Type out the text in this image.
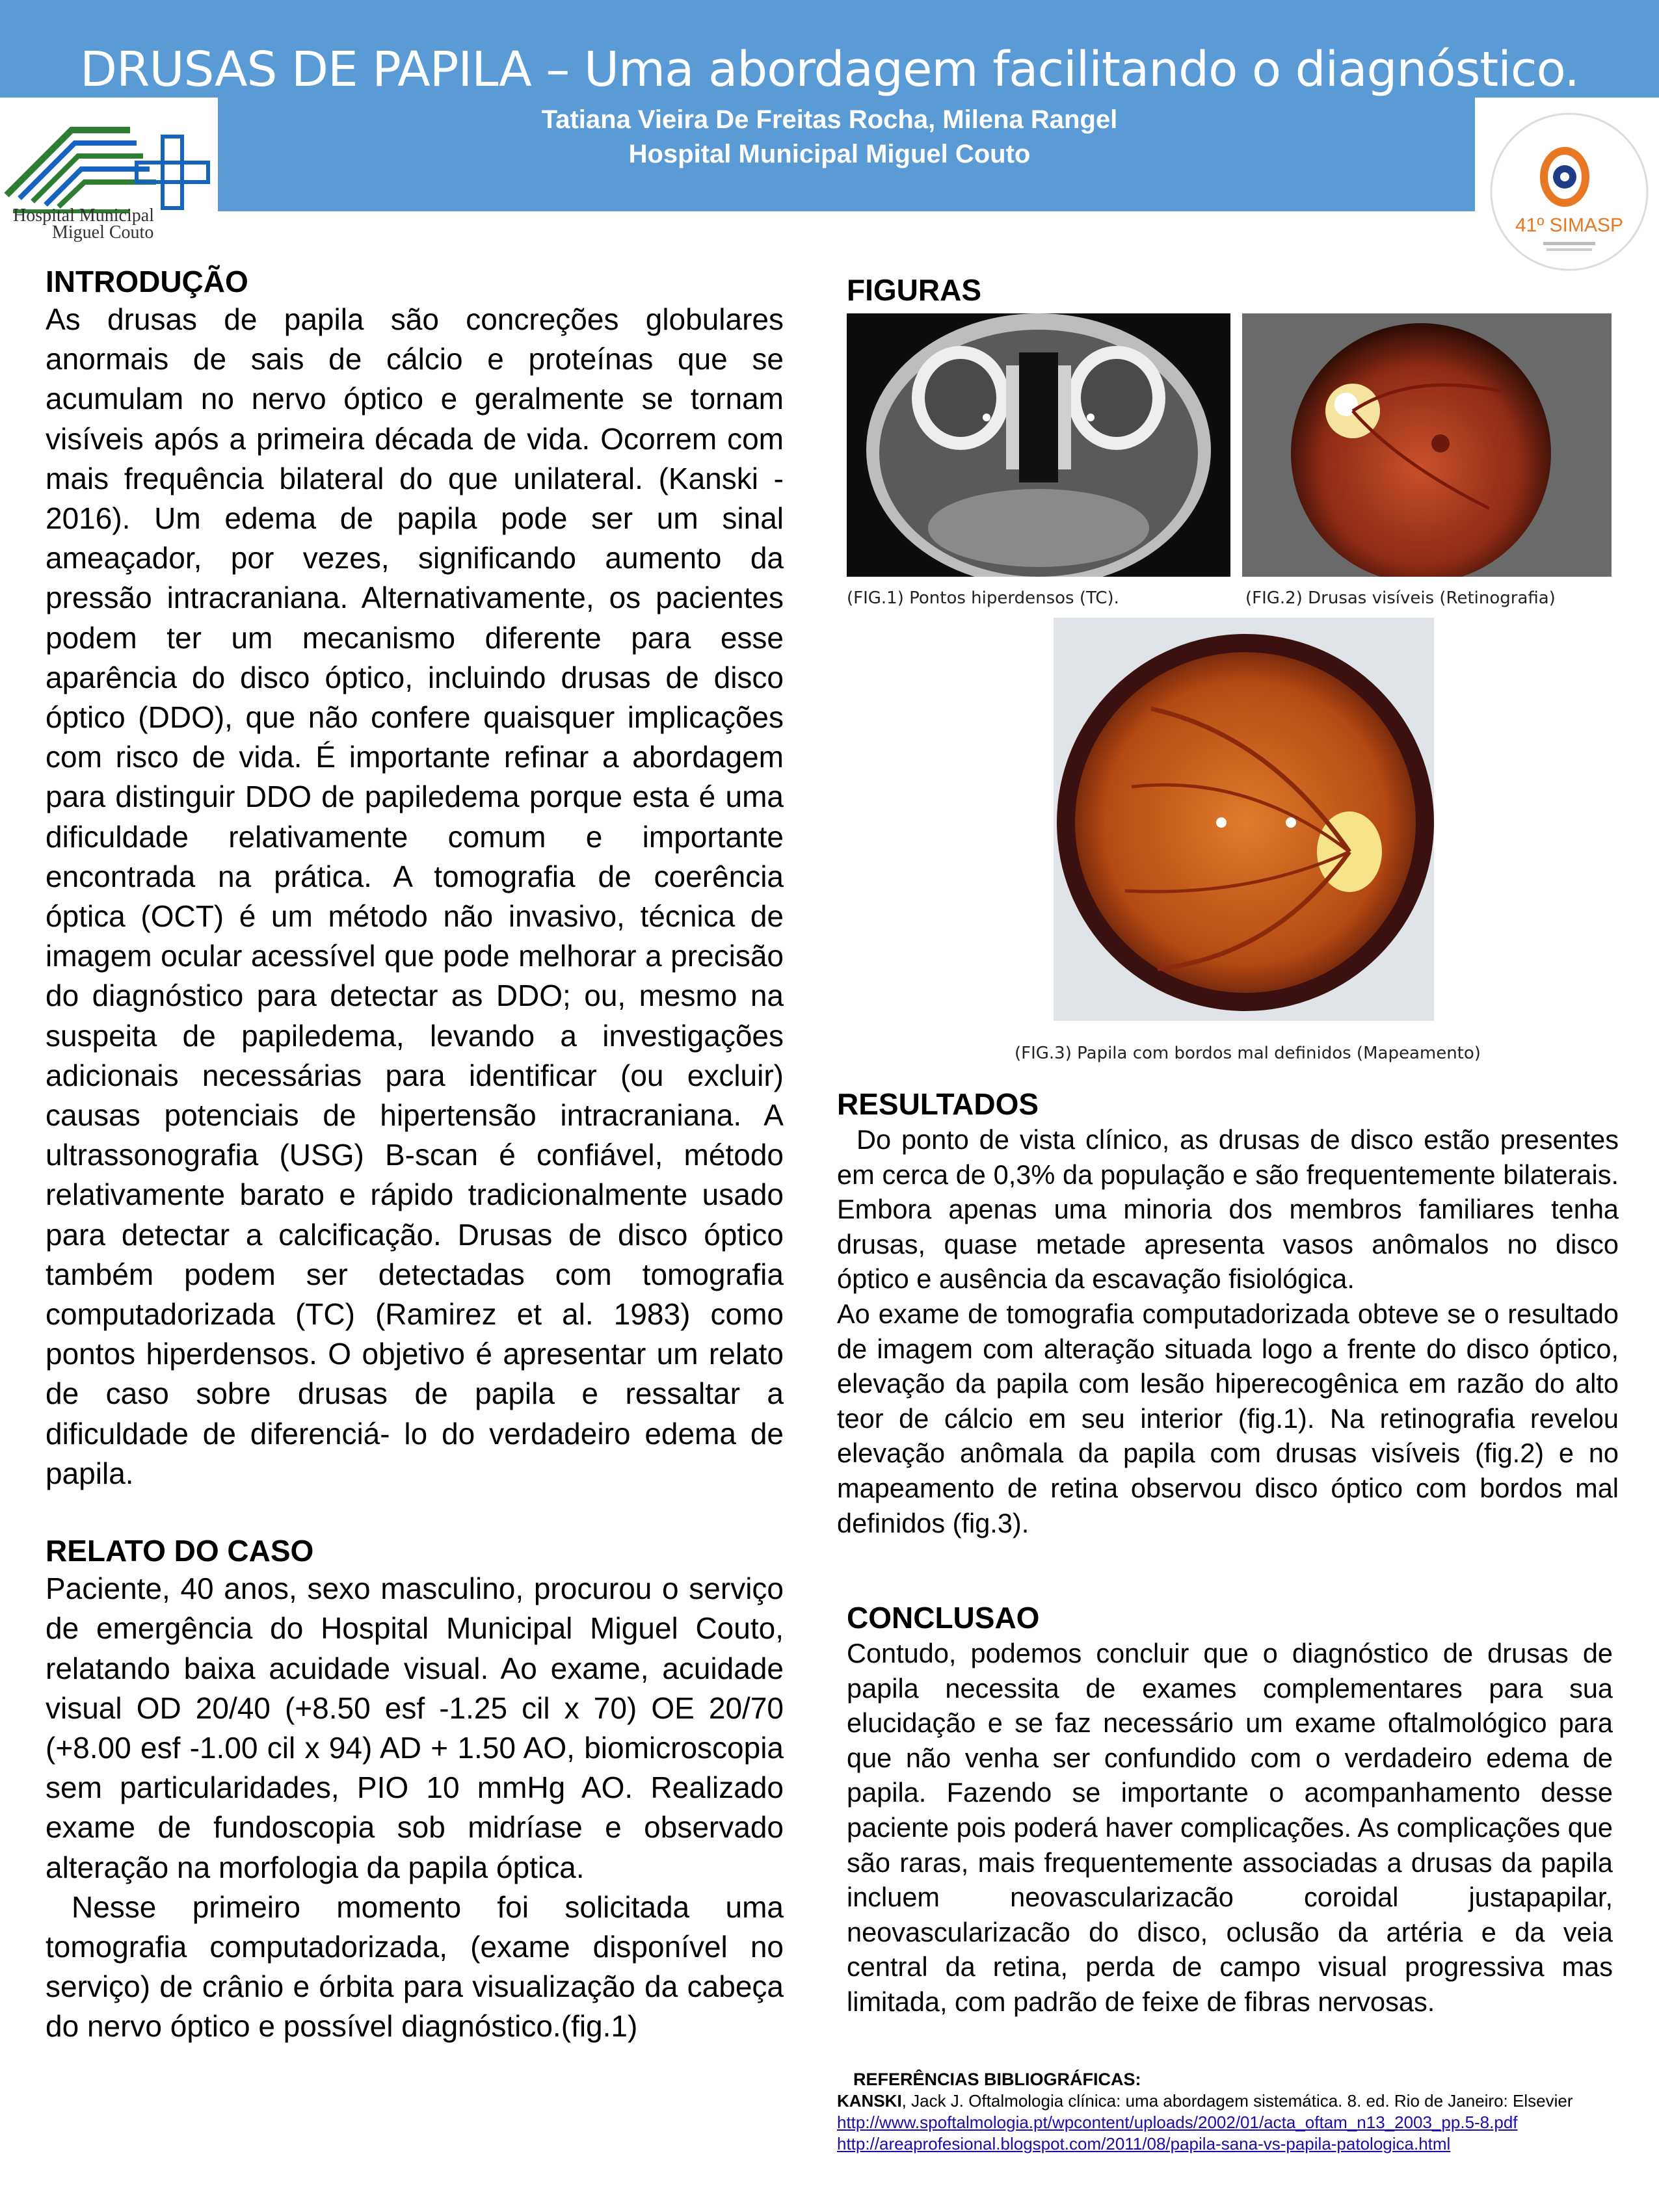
DRUSAS DE PAPILA – Uma abordagem facilitando o diagnóstico.
Tatiana Vieira De Freitas Rocha, Milena Rangel
Hospital Municipal Miguel Couto
Hospital Municipal
Miguel Couto	41º SIMASP
INTRODUÇÃO

As drusas de papila são concreções globulares anormais de sais de cálcio e proteínas que se acumulam no nervo óptico e geralmente se tornam visíveis após a primeira década de vida. Ocorrem com mais frequência bilateral do que unilateral. (Kanski - 2016). Um edema de papila pode ser um sinal ameaçador, por vezes, significando aumento da pressão intracraniana. Alternativamente, os pacientes podem ter um mecanismo diferente para esse aparência do disco óptico, incluindo drusas de disco óptico (DDO), que não confere quaisquer implicações com risco de vida. É importante refinar a abordagem para distinguir DDO de papiledema porque esta é uma dificuldade relativamente comum e importante encontrada na prática. A tomografia de coerência óptica (OCT) é um método não invasivo, técnica de imagem ocular acessível que pode melhorar a precisão do diagnóstico para detectar as DDO; ou, mesmo na suspeita de papiledema, levando a investigações adicionais necessárias para identificar (ou excluir) causas potenciais de hipertensão intracraniana. A ultrassonografia (USG) B-scan é confiável, método relativamente barato e rápido tradicionalmente usado para detectar a calcificação. Drusas de disco óptico também podem ser detectadas com tomografia computadorizada (TC) (Ramirez et al. 1983) como pontos hiperdensos. O objetivo é apresentar um relato de caso sobre drusas de papila e ressaltar a dificuldade de diferenciá- lo do verdadeiro edema de papila.

RELATO DO CASO

Paciente, 40 anos, sexo masculino, procurou o serviço de emergência do Hospital Municipal Miguel Couto, relatando baixa acuidade visual. Ao exame, acuidade visual OD 20/40 (+8.50 esf -1.25 cil x 70) OE 20/70 (+8.00 esf -1.00 cil x 94) AD + 1.50 AO, biomicroscopia sem particularidades, PIO 10 mmHg AO. Realizado exame de fundoscopia sob midríase e observado alteração na morfologia da papila óptica.

Nesse primeiro momento foi solicitada uma tomografia computadorizada, (exame disponível no serviço) de crânio e órbita para visualização da cabeça do nervo óptico e possível diagnóstico.(fig.1)

FIGURAS
(FIG.1) Pontos hiperdensos (TC).	(FIG.2) Drusas visíveis (Retinografia)
(FIG.3) Papila com bordos mal definidos (Mapeamento)
RESULTADOS

Do ponto de vista clínico, as drusas de disco estão presentes em cerca de 0,3% da população e são frequentemente bilaterais. Embora apenas uma minoria dos membros familiares tenha drusas, quase metade apresenta vasos anômalos no disco óptico e ausência da escavação fisiológica.

Ao exame de tomografia computadorizada obteve se o resultado de imagem com alteração situada logo a frente do disco óptico, elevação da papila com lesão hiperecogênica em razão do alto teor de cálcio em seu interior (fig.1). Na retinografia revelou elevação anômala da papila com drusas visíveis (fig.2) e no mapeamento de retina observou disco óptico com bordos mal definidos (fig.3).

CONCLUSAO

Contudo, podemos concluir que o diagnóstico de drusas de papila necessita de exames complementares para sua elucidação e se faz necessário um exame oftalmológico para que não venha ser confundido com o verdadeiro edema de papila. Fazendo se importante o acompanhamento desse paciente pois poderá haver complicações. As complicações que são raras, mais frequentemente associadas a drusas da papila incluem neovascularizacão coroidal justapapilar, neovascularizacão do disco, oclusão da artéria e da veia central da retina, perda de campo visual progressiva mas limitada, com padrão de feixe de fibras nervosas.

REFERÊNCIAS BIBLIOGRÁFICAS:
KANSKI, Jack J. Oftalmologia clínica: uma abordagem sistemática. 8. ed. Rio de Janeiro: Elsevier
http://www.spoftalmologia.pt/wpcontent/uploads/2002/01/acta_oftam_n13_2003_pp.5-8.pdf
http://areaprofesional.blogspot.com/2011/08/papila-sana-vs-papila-patologica.html
